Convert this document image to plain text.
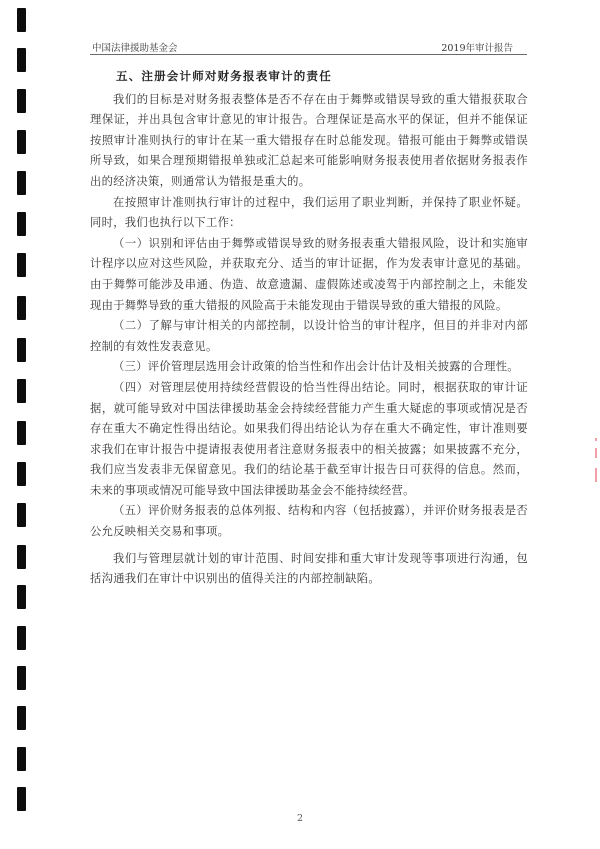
中国法律援助基金会	2019年审计报告

五、注册会计师对财务报表审计的责任

我们的目标是对财务报表整体是否不存在由于舞弊或错误导致的重大错报获取合理保证，并出具包含审计意见的审计报告。合理保证是高水平的保证，但并不能保证按照审计准则执行的审计在某一重大错报存在时总能发现。错报可能由于舞弊或错误所导致，如果合理预期错报单独或汇总起来可能影响财务报表使用者依据财务报表作出的经济决策，则通常认为错报是重大的。

在按照审计准则执行审计的过程中，我们运用了职业判断，并保持了职业怀疑。同时，我们也执行以下工作：

（一）识别和评估由于舞弊或错误导致的财务报表重大错报风险，设计和实施审计程序以应对这些风险，并获取充分、适当的审计证据，作为发表审计意见的基础。由于舞弊可能涉及串通、伪造、故意遗漏、虚假陈述或凌驾于内部控制之上，未能发现由于舞弊导致的重大错报的风险高于未能发现由于错误导致的重大错报的风险。

（二）了解与审计相关的内部控制，以设计恰当的审计程序，但目的并非对内部控制的有效性发表意见。

（三）评价管理层选用会计政策的恰当性和作出会计估计及相关披露的合理性。

（四）对管理层使用持续经营假设的恰当性得出结论。同时，根据获取的审计证据，就可能导致对中国法律援助基金会持续经营能力产生重大疑虑的事项或情况是否存在重大不确定性得出结论。如果我们得出结论认为存在重大不确定性，审计准则要求我们在审计报告中提请报表使用者注意财务报表中的相关披露；如果披露不充分，我们应当发表非无保留意见。我们的结论基于截至审计报告日可获得的信息。然而，未来的事项或情况可能导致中国法律援助基金会不能持续经营。

（五）评价财务报表的总体列报、结构和内容（包括披露），并评价财务报表是否公允反映相关交易和事项。

我们与管理层就计划的审计范围、时间安排和重大审计发现等事项进行沟通，包括沟通我们在审计中识别出的值得关注的内部控制缺陷。

2
